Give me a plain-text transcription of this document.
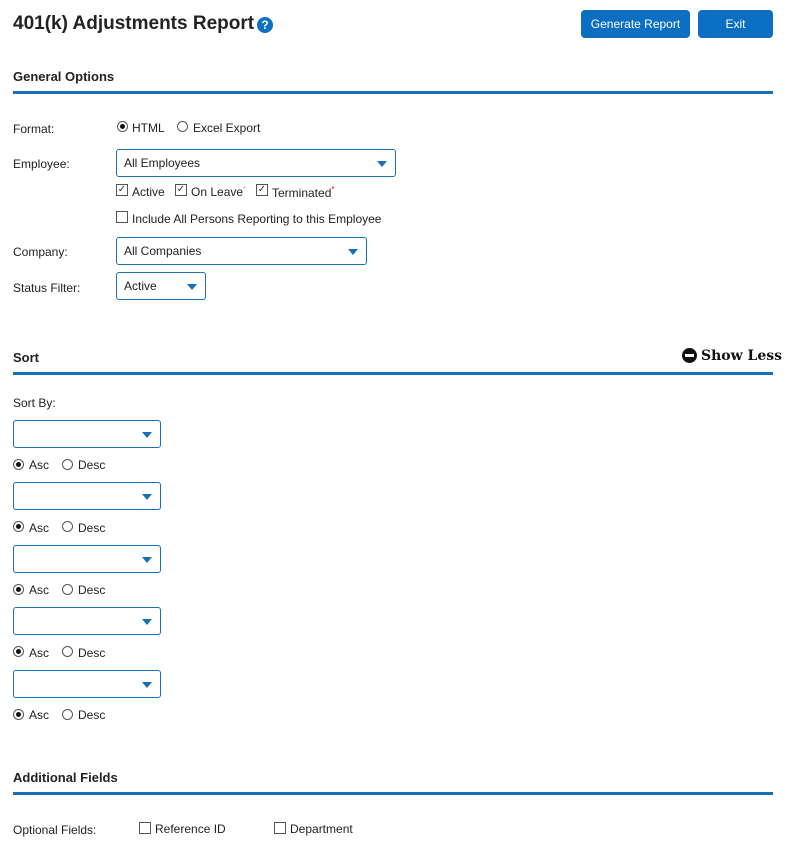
401(k) Adjustments Report ?	Generate Report	Exit
General Options
Format:	HTML Excel Export
Employee:	All Employees
✓ Active ✓ On Leave* ✓ Terminated*
Include All Persons Reporting to this Employee
Company:	All Companies
Status Filter:	Active
Sort	Show Less
Sort By:
Asc Desc
Asc Desc
Asc Desc
Asc Desc
Asc Desc
Additional Fields
Optional Fields:	Reference ID	Department
